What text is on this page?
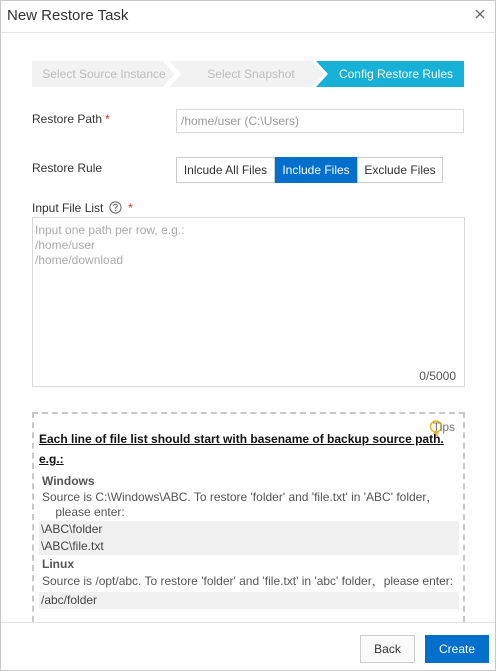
New Restore Task
Select Source Instance	Select Snapshot	Config Restore Rules
Restore Path *	/home/user (C:\Users)
Restore Rule	Inlcude All Files	Include Files	Exclude Files
Input File List *
Input one path per row, e.g.:
/home/user
/home/download
0/5000
Tips
Each line of file list should start with basename of backup source path.
e.g.:
Windows
Source is C:\Windows\ABC. To restore 'folder' and 'file.txt' in 'ABC' folder，
please enter:
\ABC\folder
\ABC\file.txt
Linux
Source is /opt/abc. To restore 'folder' and 'file.txt' in 'abc' folder，please enter:
/abc/folder
Back	Create
